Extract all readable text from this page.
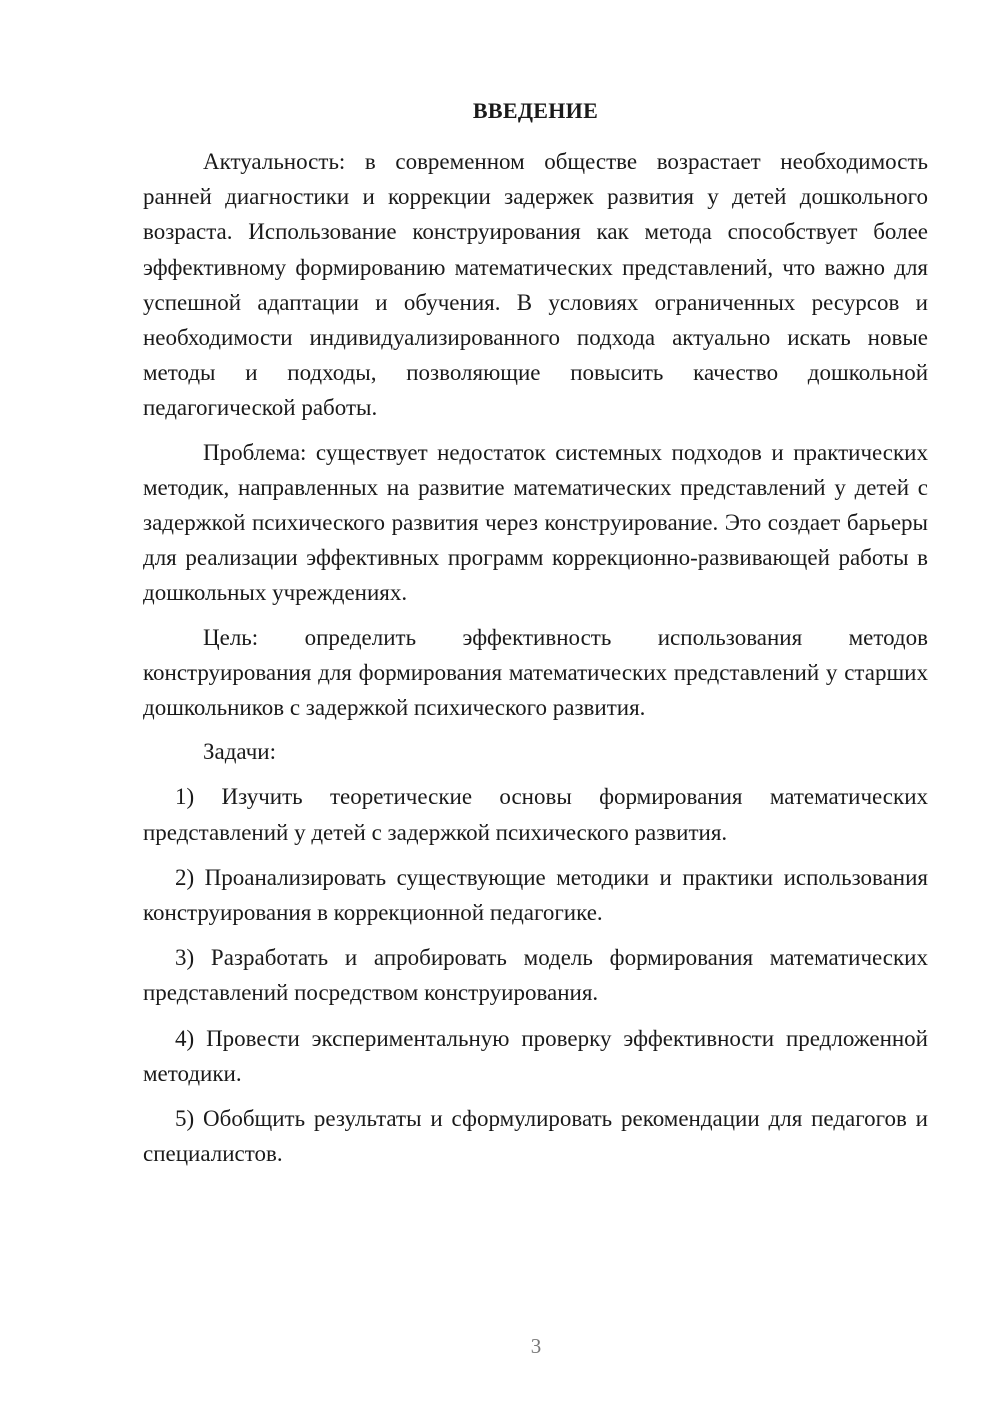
ВВЕДЕНИЕ

Актуальность: в современном обществе возрастает необходимость ранней диагностики и коррекции задержек развития у детей дошкольного возраста. Использование конструирования как метода способствует более эффективному формированию математических представлений, что важно для успешной адаптации и обучения. В условиях ограниченных ресурсов и необходимости индивидуализированного подхода актуально искать новые методы и подходы, позволяющие повысить качество дошкольной педагогической работы.

Проблема: существует недостаток системных подходов и практических методик, направленных на развитие математических представлений у детей с задержкой психического развития через конструирование. Это создает барьеры для реализации эффективных программ коррекционно-развивающей работы в дошкольных учреждениях.

Цель: определить эффективность использования методов конструирования для формирования математических представлений у старших дошкольников с задержкой психического развития.

Задачи:

1) Изучить теоретические основы формирования математических представлений у детей с задержкой психического развития.

2) Проанализировать существующие методики и практики использования конструирования в коррекционной педагогике.

3) Разработать и апробировать модель формирования математических представлений посредством конструирования.

4) Провести экспериментальную проверку эффективности предложенной методики.

5) Обобщить результаты и сформулировать рекомендации для педагогов и специалистов.

3
